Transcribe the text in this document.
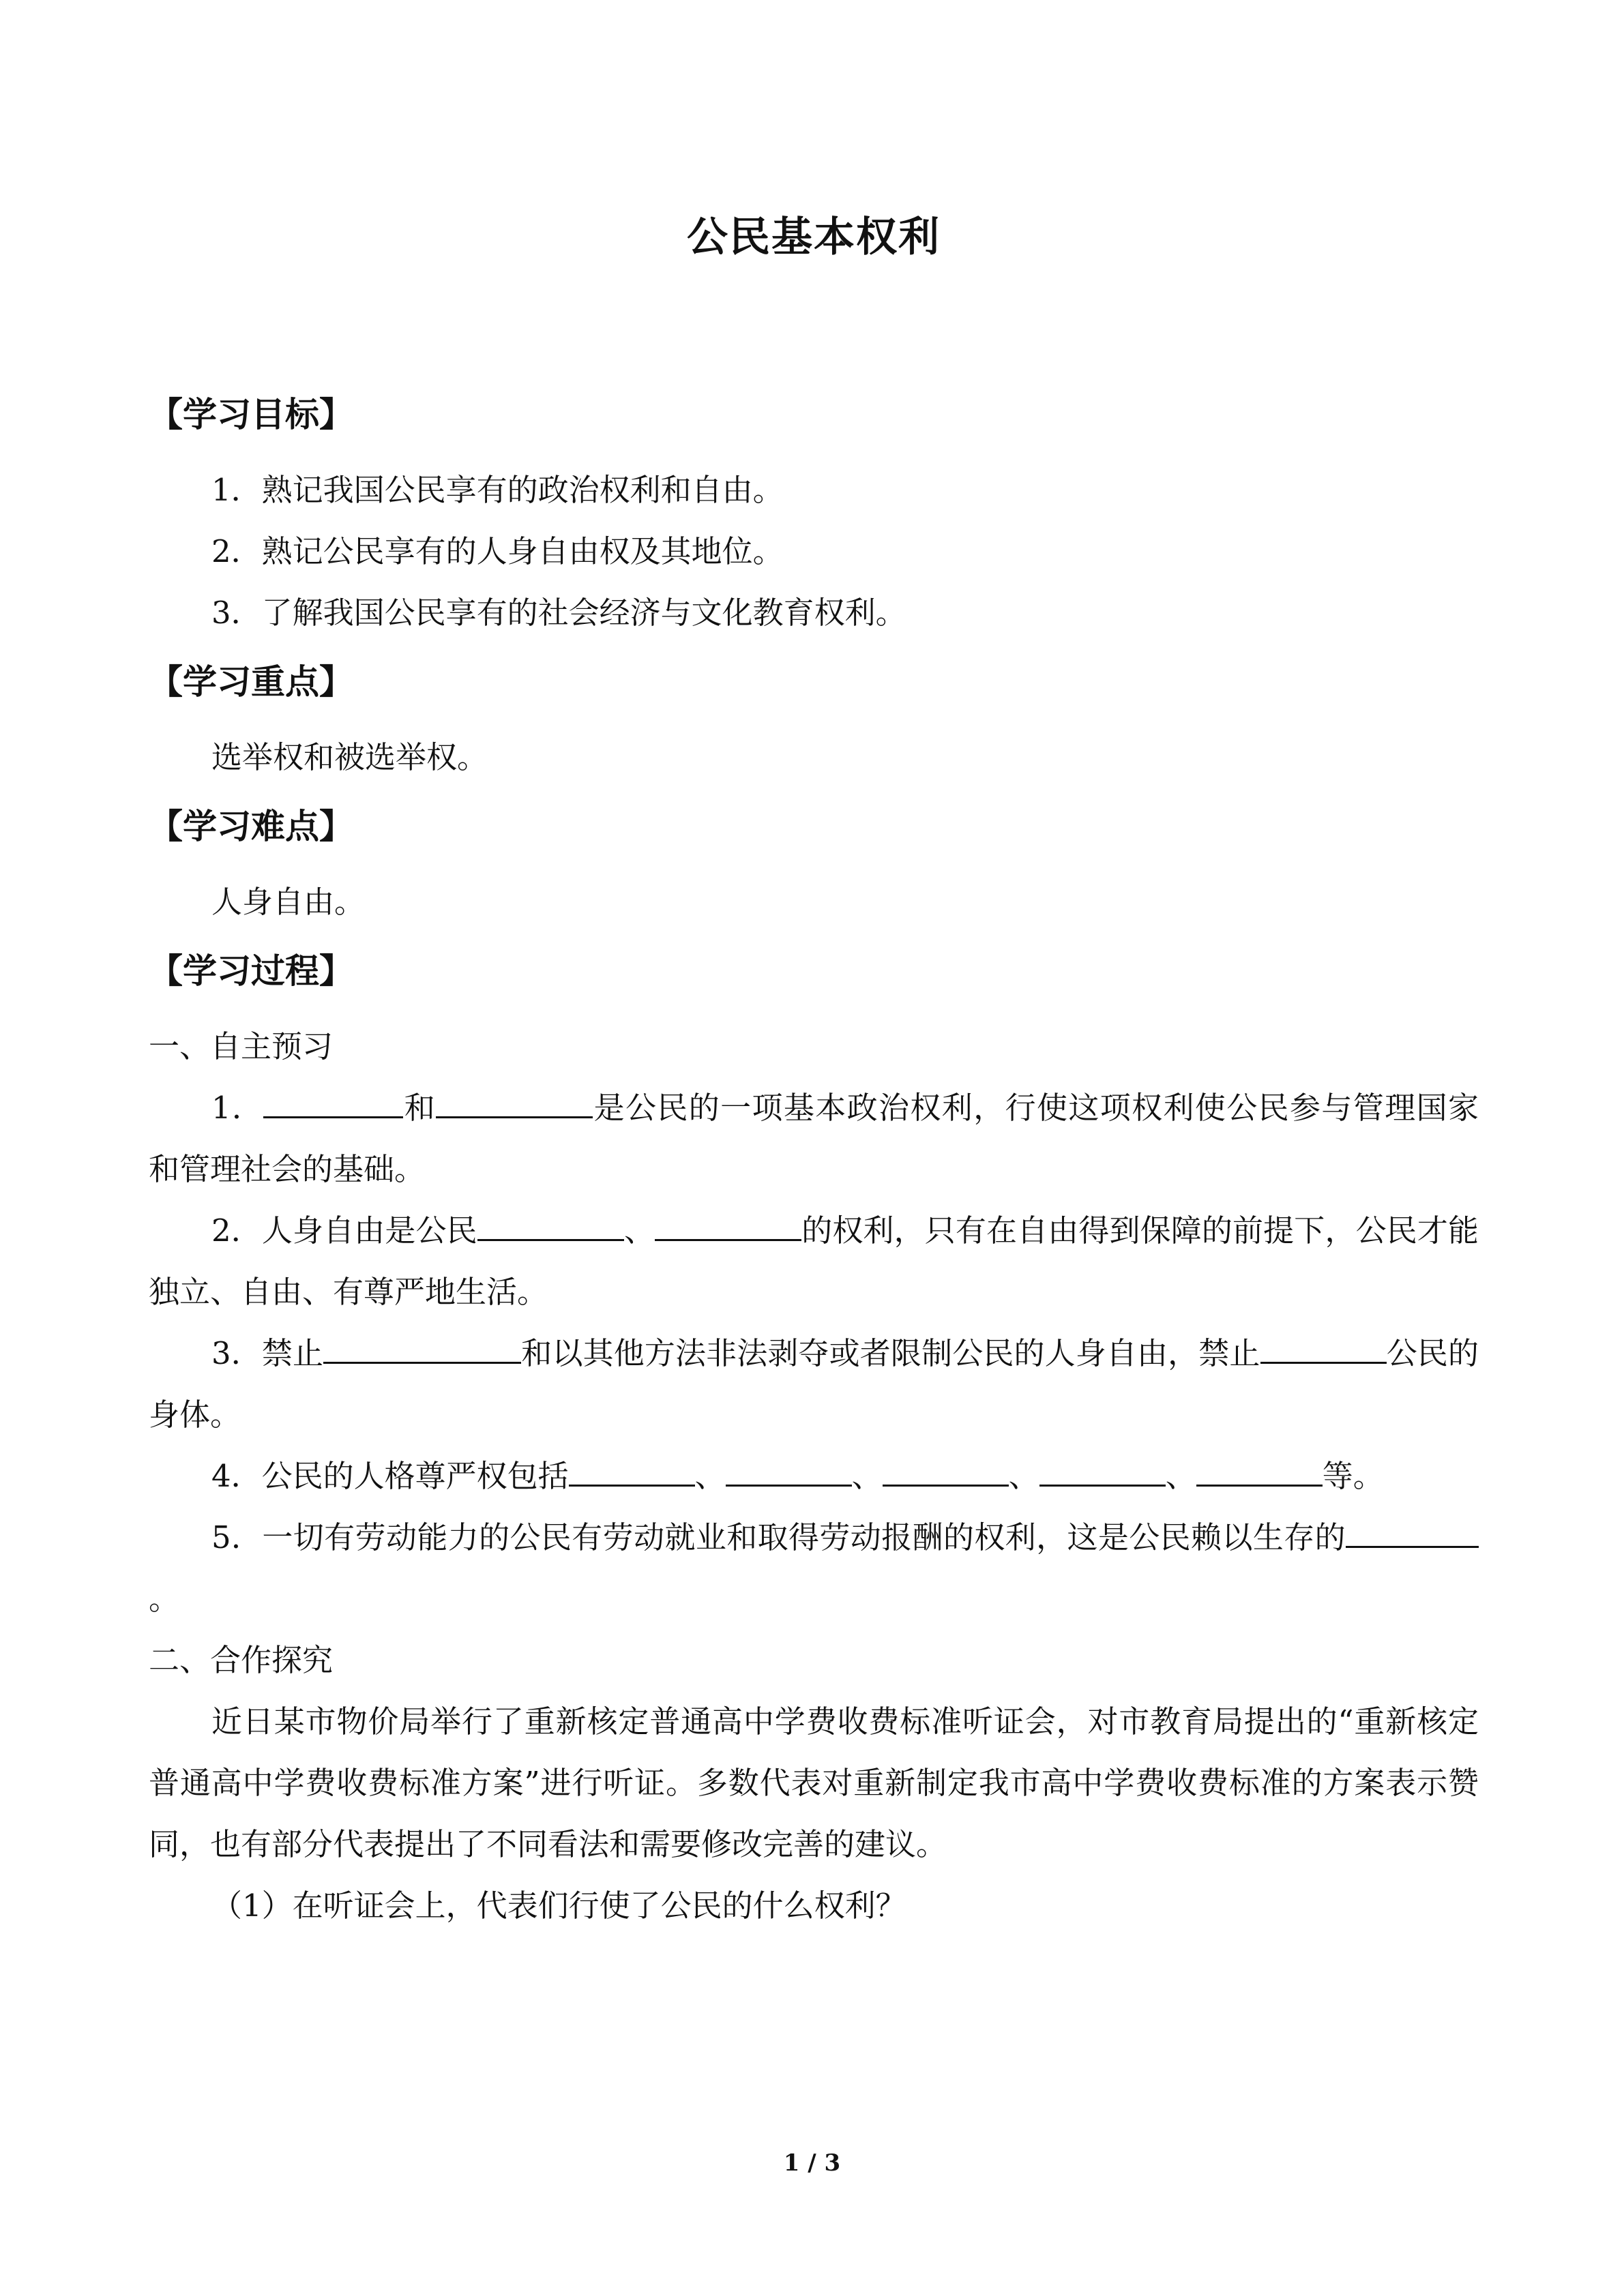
公民基本权利
【学习目标】

1．熟记我国公民享有的政治权利和自由。

2．熟记公民享有的人身自由权及其地位。

3．了解我国公民享有的社会经济与文化教育权利。

【学习重点】

选举权和被选举权。

【学习难点】

人身自由。

【学习过程】

一、自主预习

1．	和	是公民的一项基本政治权利，行使这项权利使公民参与管理国家和管理社会的基础。

2．人身自由是公民	、	的权利，只有在自由得到保障的前提下，公民才能独立、自由、有尊严地生活。

3．禁止	和以其他方法非法剥夺或者限制公民的人身自由，禁止	公民的身体。

4．公民的人格尊严权包括	、	、	、	、	等。

5．一切有劳动能力的公民有劳动就业和取得劳动报酬的权利，这是公民赖以生存的。

二、合作探究

近日某市物价局举行了重新核定普通高中学费收费标准听证会，对市教育局提出的“重新核定普通高中学费收费标准方案”进行听证。多数代表对重新制定我市高中学费收费标准的方案表示赞同，也有部分代表提出了不同看法和需要修改完善的建议。

（1）在听证会上，代表们行使了公民的什么权利？

1 / 3
